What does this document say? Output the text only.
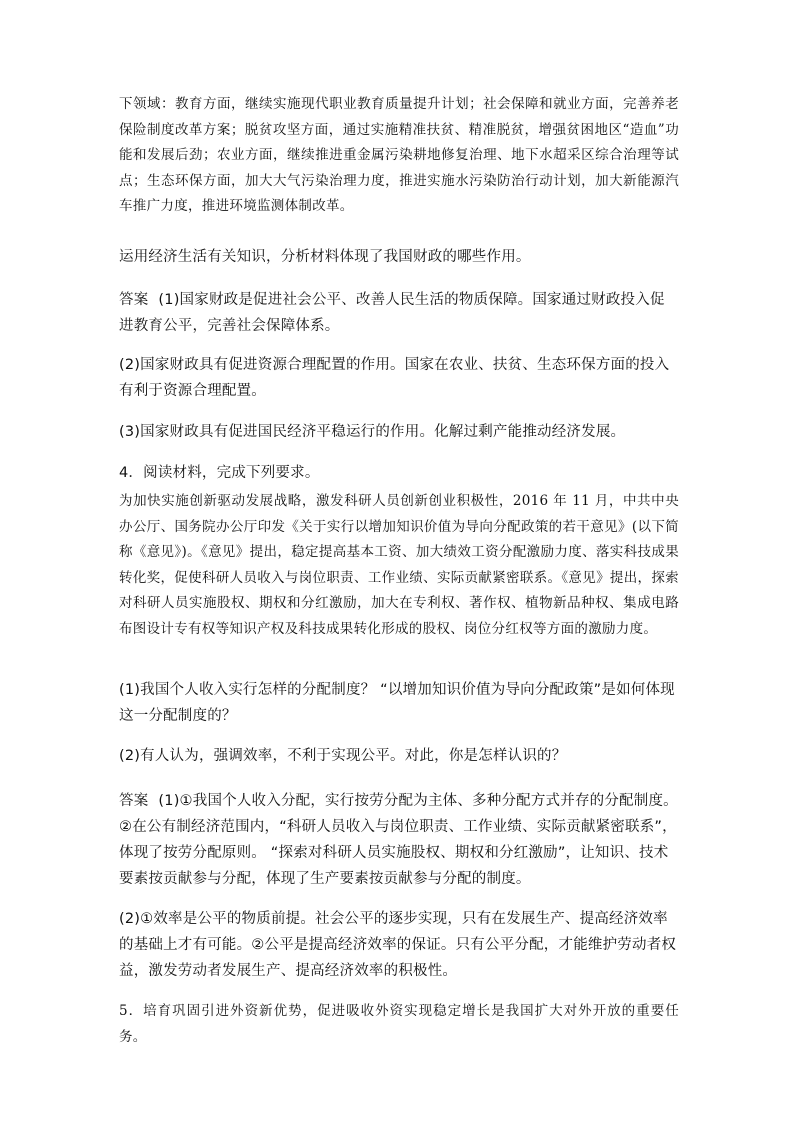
下领域：教育方面，继续实施现代职业教育质量提升计划；社会保障和就业方面，完善养老保险制度改革方案；脱贫攻坚方面，通过实施精准扶贫、精准脱贫，增强贫困地区“造血”功能和发展后劲；农业方面，继续推进重金属污染耕地修复治理、地下水超采区综合治理等试点；生态环保方面，加大大气污染治理力度，推进实施水污染防治行动计划，加大新能源汽车推广力度，推进环境监测体制改革。

运用经济生活有关知识，分析材料体现了我国财政的哪些作用。

答案 (1)国家财政是促进社会公平、改善人民生活的物质保障。国家通过财政投入促进教育公平，完善社会保障体系。

(2)国家财政具有促进资源合理配置的作用。国家在农业、扶贫、生态环保方面的投入有利于资源合理配置。

(3)国家财政具有促进国民经济平稳运行的作用。化解过剩产能推动经济发展。

4．阅读材料，完成下列要求。

为加快实施创新驱动发展战略，激发科研人员创新创业积极性，2016 年 11 月，中共中央办公厅、国务院办公厅印发《关于实行以增加知识价值为导向分配政策的若干意见》(以下简称《意见》)。《意见》提出，稳定提高基本工资、加大绩效工资分配激励力度、落实科技成果转化奖，促使科研人员收入与岗位职责、工作业绩、实际贡献紧密联系。《意见》提出，探索对科研人员实施股权、期权和分红激励，加大在专利权、著作权、植物新品种权、集成电路布图设计专有权等知识产权及科技成果转化形成的股权、岗位分红权等方面的激励力度。

(1)我国个人收入实行怎样的分配制度？ “以增加知识价值为导向分配政策”是如何体现这一分配制度的？

(2)有人认为，强调效率，不利于实现公平。对此，你是怎样认识的？

答案 (1)①我国个人收入分配，实行按劳分配为主体、多种分配方式并存的分配制度。②在公有制经济范围内，“科研人员收入与岗位职责、工作业绩、实际贡献紧密联系”，体现了按劳分配原则。 “探索对科研人员实施股权、期权和分红激励”，让知识、技术要素按贡献参与分配，体现了生产要素按贡献参与分配的制度。

(2)①效率是公平的物质前提。社会公平的逐步实现，只有在发展生产、提高经济效率的基础上才有可能。②公平是提高经济效率的保证。只有公平分配，才能维护劳动者权益，激发劳动者发展生产、提高经济效率的积极性。

5．培育巩固引进外资新优势，促进吸收外资实现稳定增长是我国扩大对外开放的重要任务。
